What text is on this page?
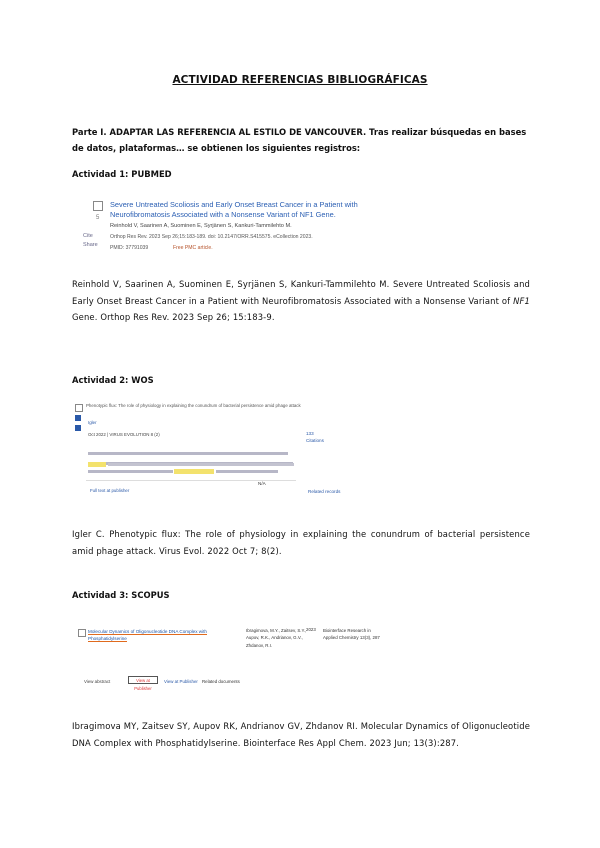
ACTIVIDAD REFERENCIAS BIBLIOGRÁFICAS
Parte I. ADAPTAR LAS REFERENCIA AL ESTILO DE VANCOUVER. Tras realizar búsquedas en bases de datos, plataformas… se obtienen los siguientes registros:
Actividad 1: PUBMED
5
Cite
Share
Severe Untreated Scoliosis and Early Onset Breast Cancer in a Patient with Neurofibromatosis Associated with a Nonsense Variant of NF1 Gene.
Reinhold V, Saarinen A, Suominen E, Syrjänen S, Kankuri-Tammilehto M.
Orthop Res Rev. 2023 Sep 26;15:183-189. doi: 10.2147/ORR.S415575. eCollection 2023.
PMID: 37791039	Free PMC article.
Reinhold V, Saarinen A, Suominen E, Syrjänen S, Kankuri-Tammilehto M. Severe Untreated Scoliosis and Early Onset Breast Cancer in a Patient with Neurofibromatosis Associated with a Nonsense Variant of NF1 Gene. Orthop Res Rev. 2023 Sep 26; 15:183-9.
Actividad 2: WOS
Phenotypic flux: The role of physiology in explaining the conundrum of bacterial persistence amid phage attack
Igler
Oct 2022 | VIRUS EVOLUTION 8 (2)	133
Citations
N/A
Full text at publisher	Related records
Igler C. Phenotypic flux: The role of physiology in explaining the conundrum of bacterial persistence amid phage attack. Virus Evol. 2022 Oct 7; 8(2).
Actividad 3: SCOPUS
Molecular Dynamics of Oligonucleotide DNA Complex with Phosphatidylserine
Ibragimova, M.Y., Zaitsev, S.Y., Aupov, R.K., Andrianov, G.V., Zhdanov, R.I.
2023 Biointerface Research in Applied Chemistry 13(3), 287
View abstract	View at Publisher
View at Publisher Related documents
Ibragimova MY, Zaitsev SY, Aupov RK, Andrianov GV, Zhdanov RI. Molecular Dynamics of Oligonucleotide DNA Complex with Phosphatidylserine. Biointerface Res Appl Chem. 2023 Jun; 13(3):287.
